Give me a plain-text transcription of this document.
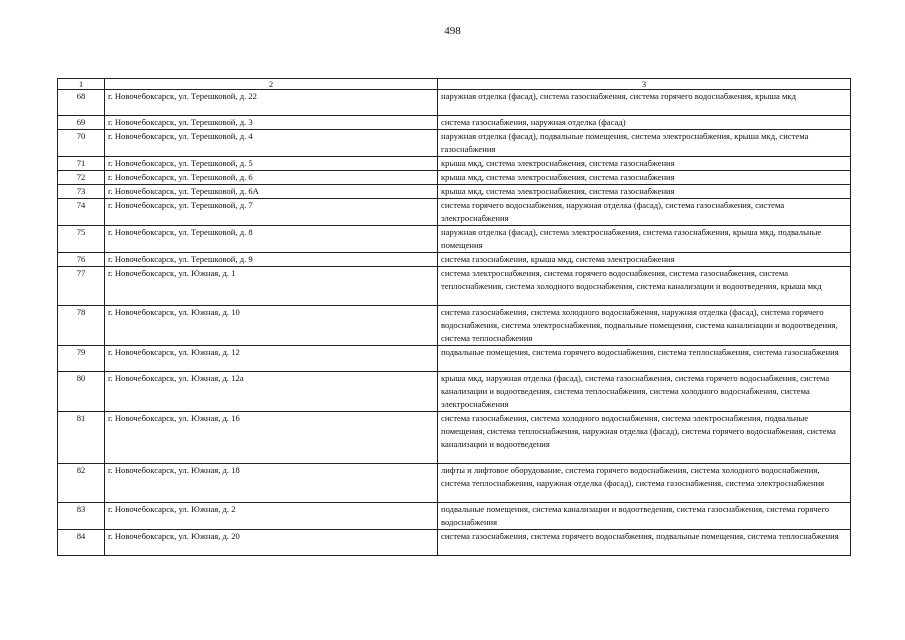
498
1	2	3
68	г. Новочебоксарск, ул. Терешковой, д. 22	наружная отделка (фасад), система газоснабжения, система горячего водоснабжения, крыша мкд
69	г. Новочебоксарск, ул. Терешковой, д. 3	система газоснабжения, наружная отделка (фасад)
70	г. Новочебоксарск, ул. Терешковой, д. 4	наружная отделка (фасад), подвальные помещения, система электроснабжения, крыша мкд, система газоснабжения
71	г. Новочебоксарск, ул. Терешковой, д. 5	крыша мкд, система электроснабжения, система газоснабжения
72	г. Новочебоксарск, ул. Терешковой, д. 6	крыша мкд, система электроснабжения, система газоснабжения
73	г. Новочебоксарск, ул. Терешковой, д. 6А	крыша мкд, система электроснабжения, система газоснабжения
74	г. Новочебоксарск, ул. Терешковой, д. 7	система горячего водоснабжения, наружная отделка (фасад), система газоснабжения, система электроснабжения
75	г. Новочебоксарск, ул. Терешковой, д. 8	наружная отделка (фасад), система электроснабжения, система газоснабжения, крыша мкд, подвальные помещения
76	г. Новочебоксарск, ул. Терешковой, д. 9	система газоснабжения, крыша мкд, система электроснабжения
77	г. Новочебоксарск, ул. Южная, д. 1	система электроснабжения, система горячего водоснабжения, система газоснабжения, система теплоснабжения, система холодного водоснабжения, система канализации и водоотведения, крыша мкд
78	г. Новочебоксарск, ул. Южная, д. 10	система газоснабжения, система холодного водоснабжения, наружная отделка (фасад), система горячего водоснабжения, система электроснабжения, подвальные помещения, система канализации и водоотведения, система теплоснабжения
79	г. Новочебоксарск, ул. Южная, д. 12	подвальные помещения, система горячего водоснабжения, система теплоснабжения, система газоснабжения
80	г. Новочебоксарск, ул. Южная, д. 12а	крыша мкд, наружная отделка (фасад), система газоснабжения, система горячего водоснабжения, система канализации и водоотведения, система теплоснабжения, система холодного водоснабжения, система электроснабжения
81	г. Новочебоксарск, ул. Южная, д. 16	система газоснабжения, система холодного водоснабжения, система электроснабжения, подвальные помещения, система теплоснабжения, наружная отделка (фасад), система горячего водоснабжения, система канализации и водоотведения
82	г. Новочебоксарск, ул. Южная, д. 18	лифты и лифтовое оборудование, система горячего водоснабжения, система холодного водоснабжения, система теплоснабжения, наружная отделка (фасад), система газоснабжения, система электроснабжения
83	г. Новочебоксарск, ул. Южная, д. 2	подвальные помещения, система канализации и водоотведения, система газоснабжения, система горячего водоснабжения
84	г. Новочебоксарск, ул. Южная, д. 20	система газоснабжения, система горячего водоснабжения, подвальные помещения, система теплоснабжения
